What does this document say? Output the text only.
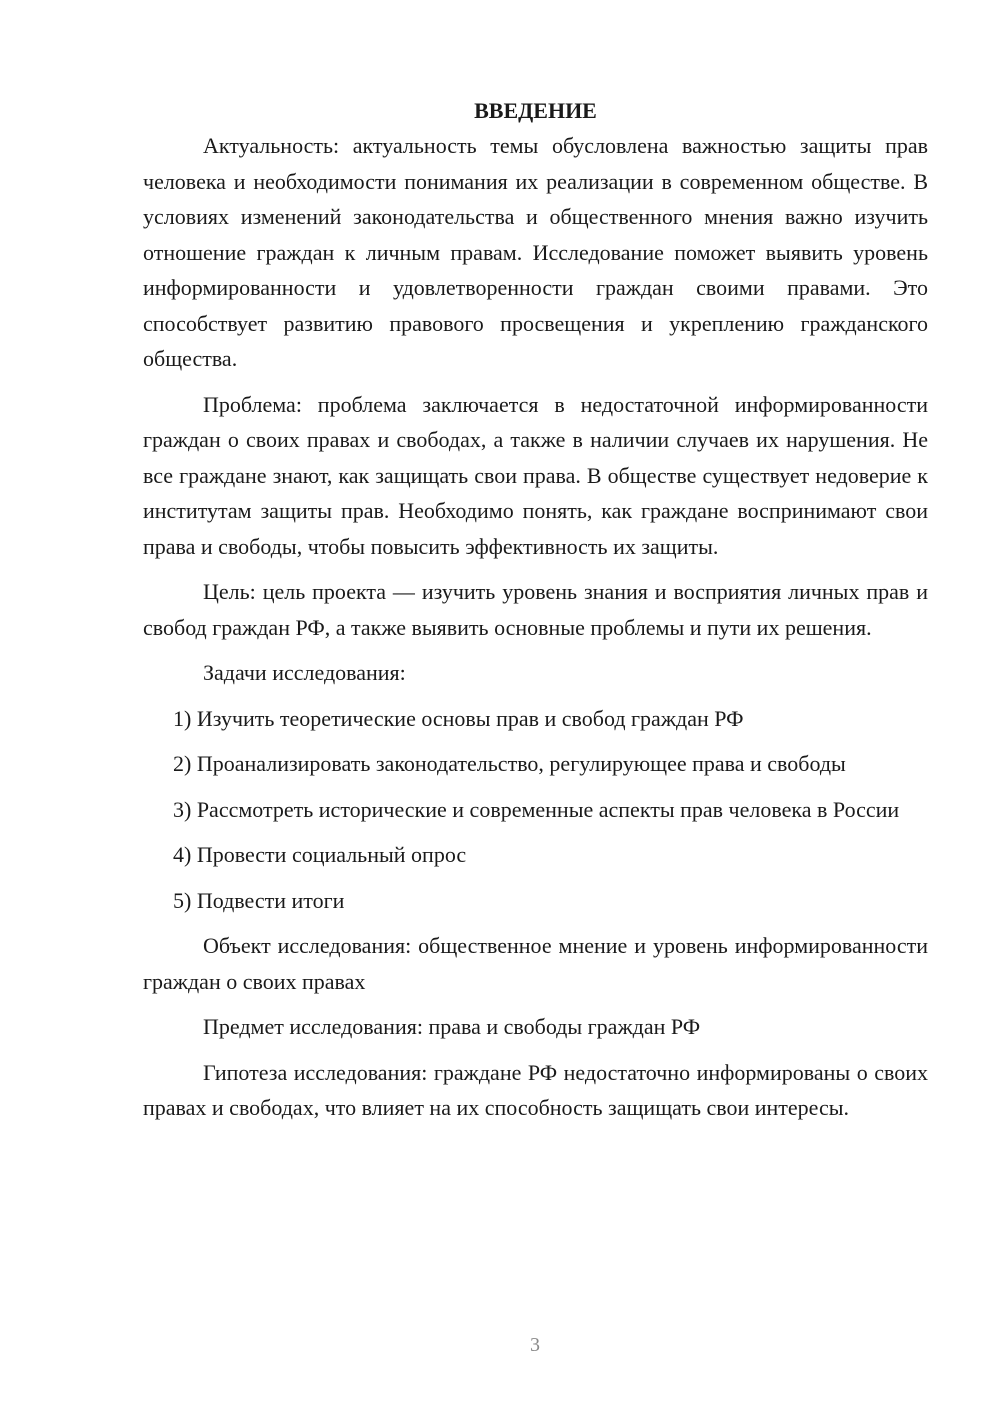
ВВЕДЕНИЕ

Актуальность: актуальность темы обусловлена важностью защиты прав человека и необходимости понимания их реализации в современном обществе. В условиях изменений законодательства и общественного мнения важно изучить отношение граждан к личным правам. Исследование поможет выявить уровень информированности и удовлетворенности граждан своими правами. Это способствует развитию правового просвещения и укреплению гражданского общества.

Проблема: проблема заключается в недостаточной информированности граждан о своих правах и свободах, а также в наличии случаев их нарушения. Не все граждане знают, как защищать свои права. В обществе существует недоверие к институтам защиты прав. Необходимо понять, как граждане воспринимают свои права и свободы, чтобы повысить эффективность их защиты.

Цель: цель проекта — изучить уровень знания и восприятия личных прав и свобод граждан РФ, а также выявить основные проблемы и пути их решения.

Задачи исследования:

1) Изучить теоретические основы прав и свобод граждан РФ

2) Проанализировать законодательство, регулирующее права и свободы

3) Рассмотреть исторические и современные аспекты прав человека в России

4) Провести социальный опрос

5) Подвести итоги

Объект исследования: общественное мнение и уровень информированности граждан о своих правах

Предмет исследования: права и свободы граждан РФ

Гипотеза исследования: граждане РФ недостаточно информированы о своих правах и свободах, что влияет на их способность защищать свои интересы.

3
